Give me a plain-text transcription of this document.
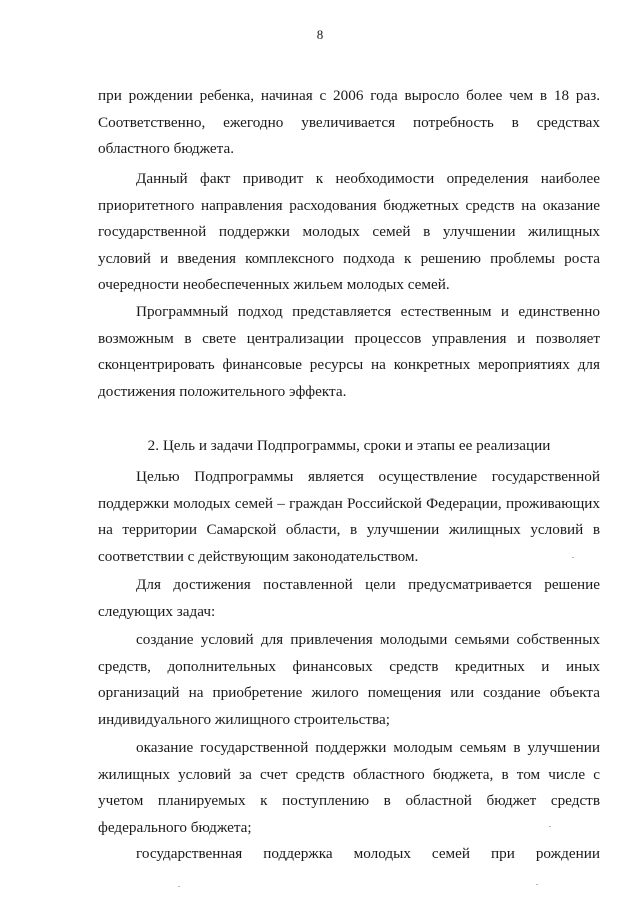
8

при рождении ребенка, начиная с 2006 года выросло более чем в 18 раз. Соответственно, ежегодно увеличивается потребность в средствах областного бюджета.

Данный факт приводит к необходимости определения наиболее приоритетного направления расходования бюджетных средств на оказание государственной поддержки молодых семей в улучшении жилищных условий и введения комплексного подхода к решению проблемы роста очередности необеспеченных жильем молодых семей.

Программный подход представляется естественным и единственно возможным в свете централизации процессов управления и позволяет сконцентрировать финансовые ресурсы на конкретных мероприятиях для достижения положительного эффекта.

2. Цель и задачи Подпрограммы, сроки и этапы ее реализации

Целью Подпрограммы является осуществление государственной поддержки молодых семей – граждан Российской Федерации, проживающих на территории Самарской области, в улучшении жилищных условий в соответствии с действующим законодательством.

Для достижения поставленной цели предусматривается решение следующих задач:

создание условий для привлечения молодыми семьями собственных средств, дополнительных финансовых средств кредитных и иных организаций на приобретение жилого помещения или создание объекта индивидуального жилищного строительства;

оказание государственной поддержки молодым семьям в улучшении жилищных условий за счет средств областного бюджета, в том числе с учетом планируемых к поступлению в областной бюджет средств федерального бюджета;

государственная поддержка молодых семей при рождении
